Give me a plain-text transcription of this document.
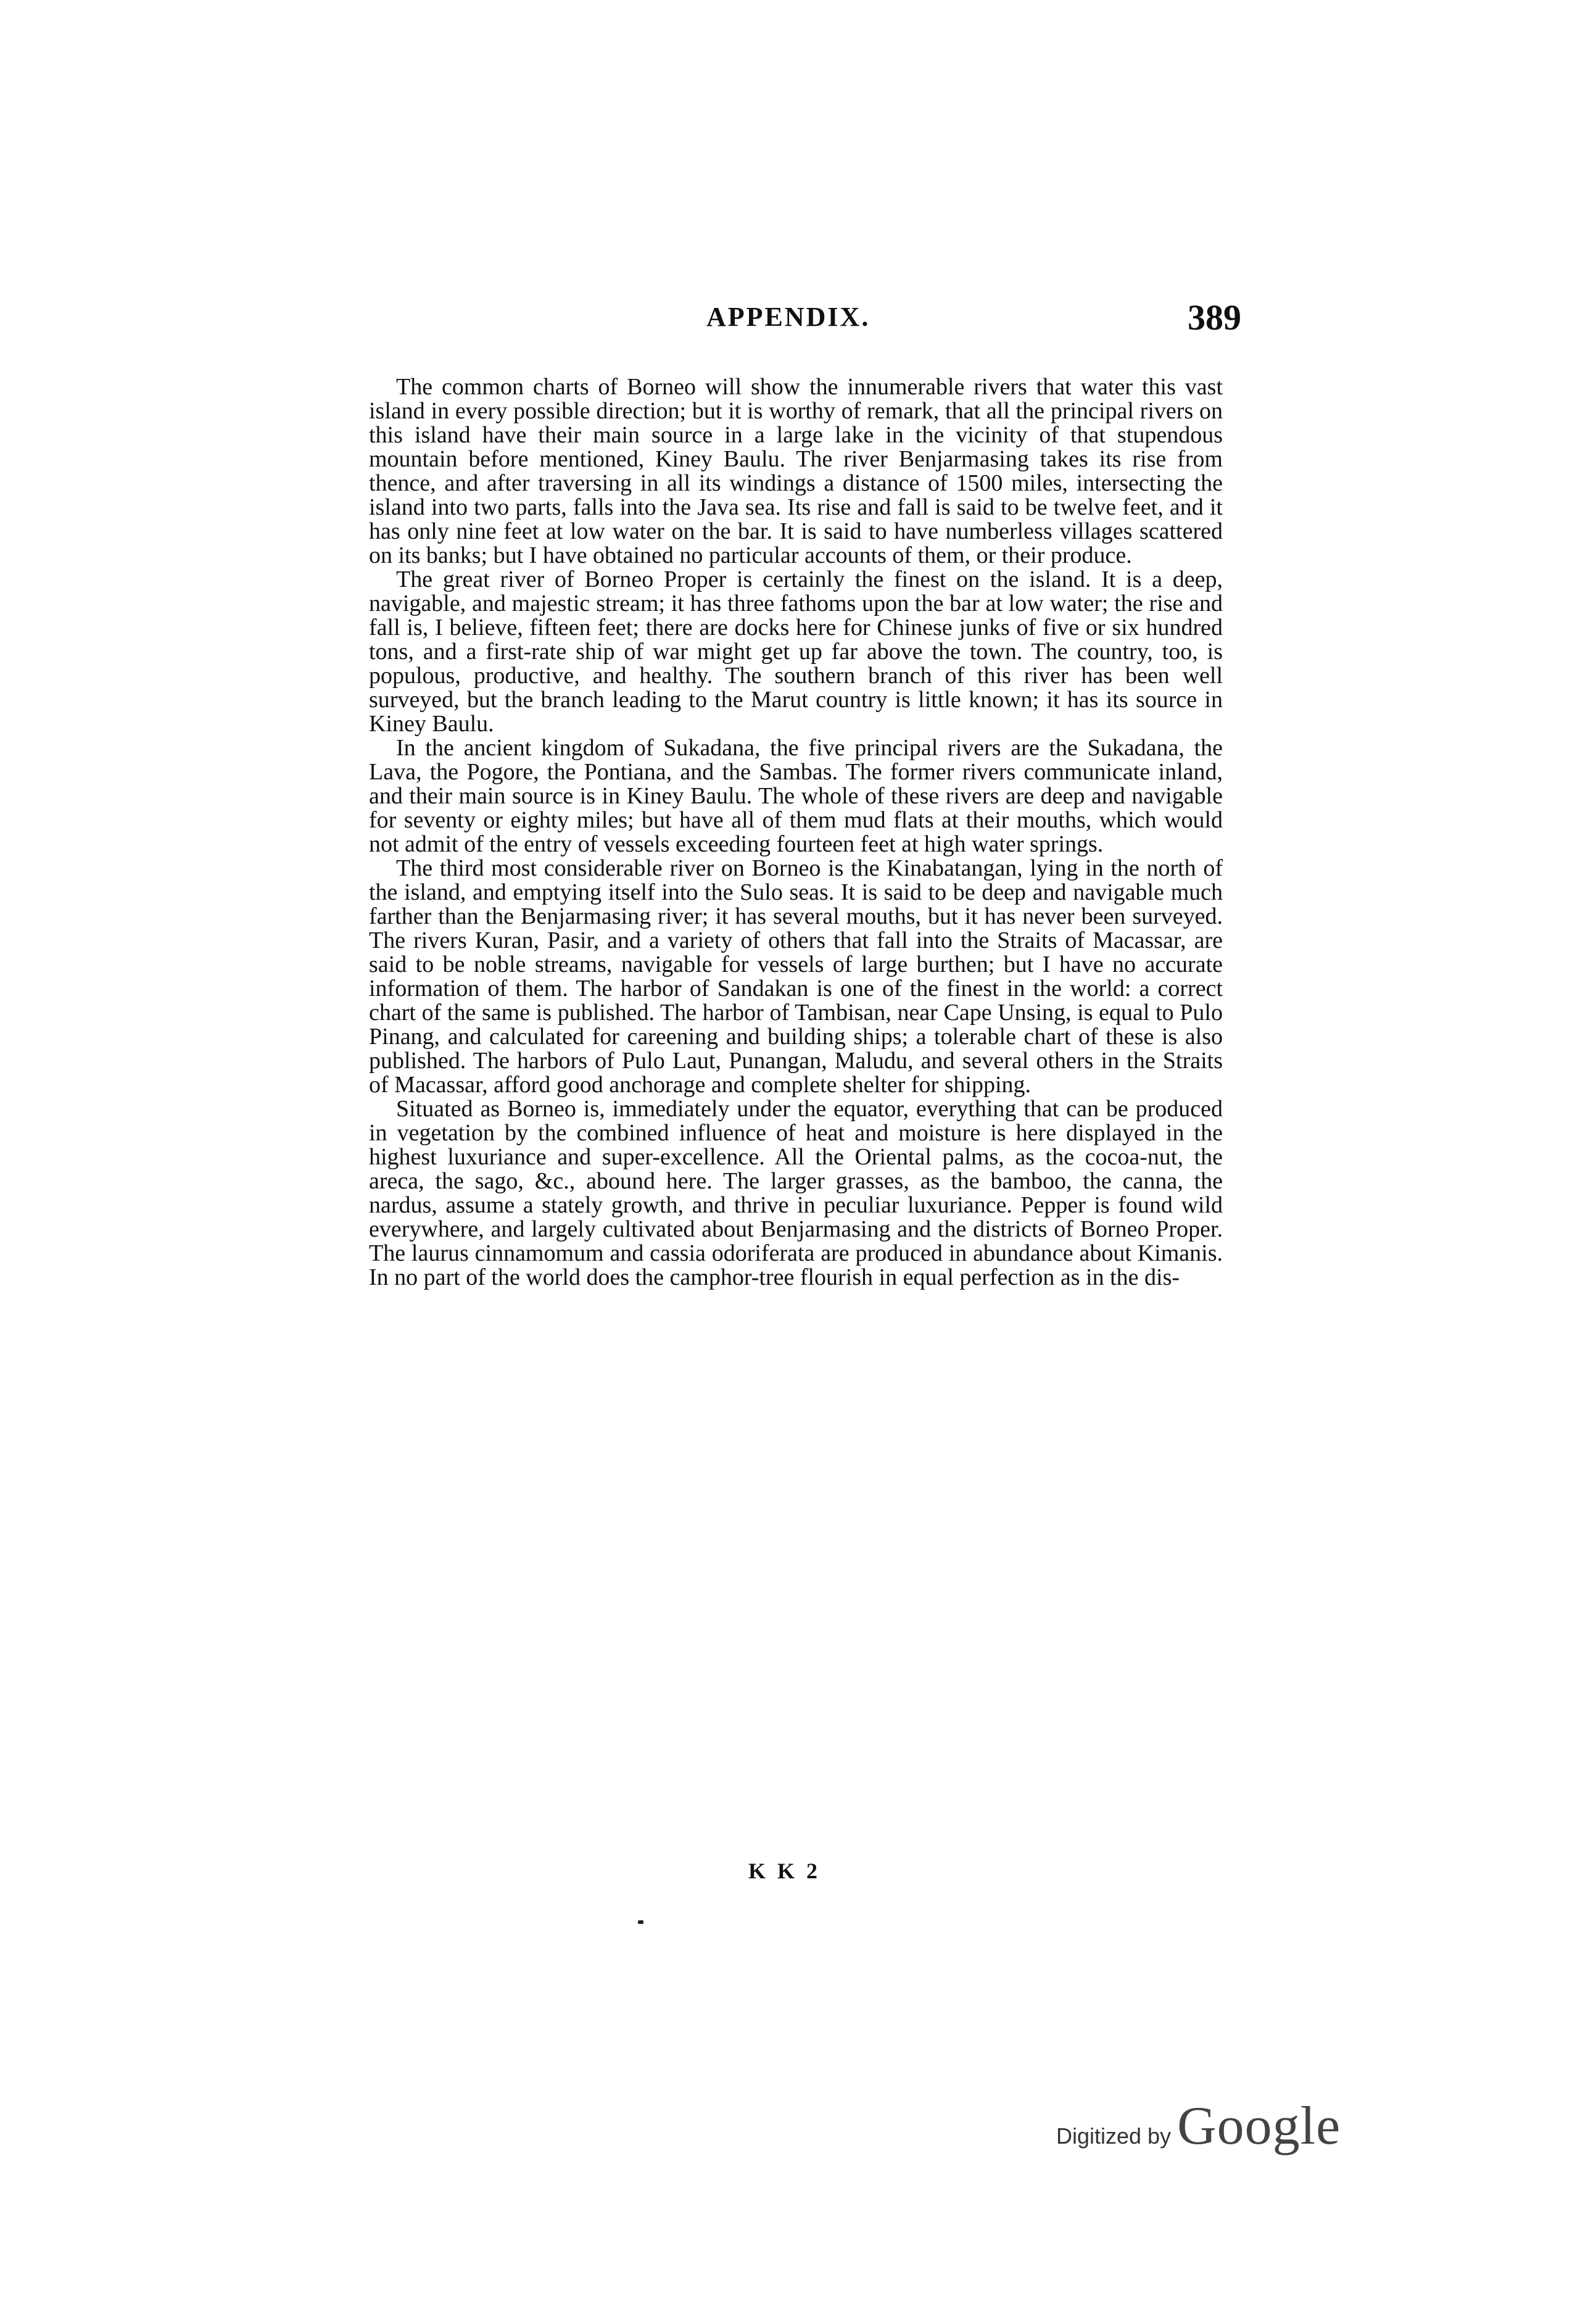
APPENDIX.	389

The common charts of Borneo will show the innumerable rivers that water this vast island in every possible direction; but it is worthy of remark, that all the principal rivers on this island have their main source in a large lake in the vicinity of that stupendous mountain before mentioned, Kiney Baulu. The river Benjarmasing takes its rise from thence, and after traversing in all its windings a distance of 1500 miles, intersecting the island into two parts, falls into the Java sea. Its rise and fall is said to be twelve feet, and it has only nine feet at low water on the bar. It is said to have numberless villages scattered on its banks; but I have obtained no particular accounts of them, or their produce.

The great river of Borneo Proper is certainly the finest on the island. It is a deep, navigable, and majestic stream; it has three fathoms upon the bar at low water; the rise and fall is, I believe, fifteen feet; there are docks here for Chinese junks of five or six hundred tons, and a first-rate ship of war might get up far above the town. The country, too, is populous, productive, and healthy. The southern branch of this river has been well surveyed, but the branch leading to the Marut country is little known; it has its source in Kiney Baulu.

In the ancient kingdom of Sukadana, the five principal rivers are the Sukadana, the Lava, the Pogore, the Pontiana, and the Sambas. The former rivers communicate inland, and their main source is in Kiney Baulu. The whole of these rivers are deep and navigable for seventy or eighty miles; but have all of them mud flats at their mouths, which would not admit of the entry of vessels exceeding fourteen feet at high water springs.

The third most considerable river on Borneo is the Kinabatangan, lying in the north of the island, and emptying itself into the Sulo seas. It is said to be deep and navigable much farther than the Benjarmasing river; it has several mouths, but it has never been surveyed. The rivers Kuran, Pasir, and a variety of others that fall into the Straits of Macassar, are said to be noble streams, navigable for vessels of large burthen; but I have no accurate information of them. The harbor of Sandakan is one of the finest in the world: a correct chart of the same is published. The harbor of Tambisan, near Cape Unsing, is equal to Pulo Pinang, and calculated for careening and building ships; a tolerable chart of these is also published. The harbors of Pulo Laut, Punangan, Maludu, and several others in the Straits of Macassar, afford good anchorage and complete shelter for shipping.

Situated as Borneo is, immediately under the equator, everything that can be produced in vegetation by the combined influence of heat and moisture is here displayed in the highest luxuriance and super-excellence. All the Oriental palms, as the cocoa-nut, the areca, the sago, &c., abound here. The larger grasses, as the bamboo, the canna, the nardus, assume a stately growth, and thrive in peculiar luxuriance. Pepper is found wild everywhere, and largely cultivated about Benjarmasing and the districts of Borneo Proper. The laurus cinnamomum and cassia odoriferata are produced in abundance about Kimanis. In no part of the world does the camphor-tree flourish in equal perfection as in the dis-

K K 2
Digitized by Google
